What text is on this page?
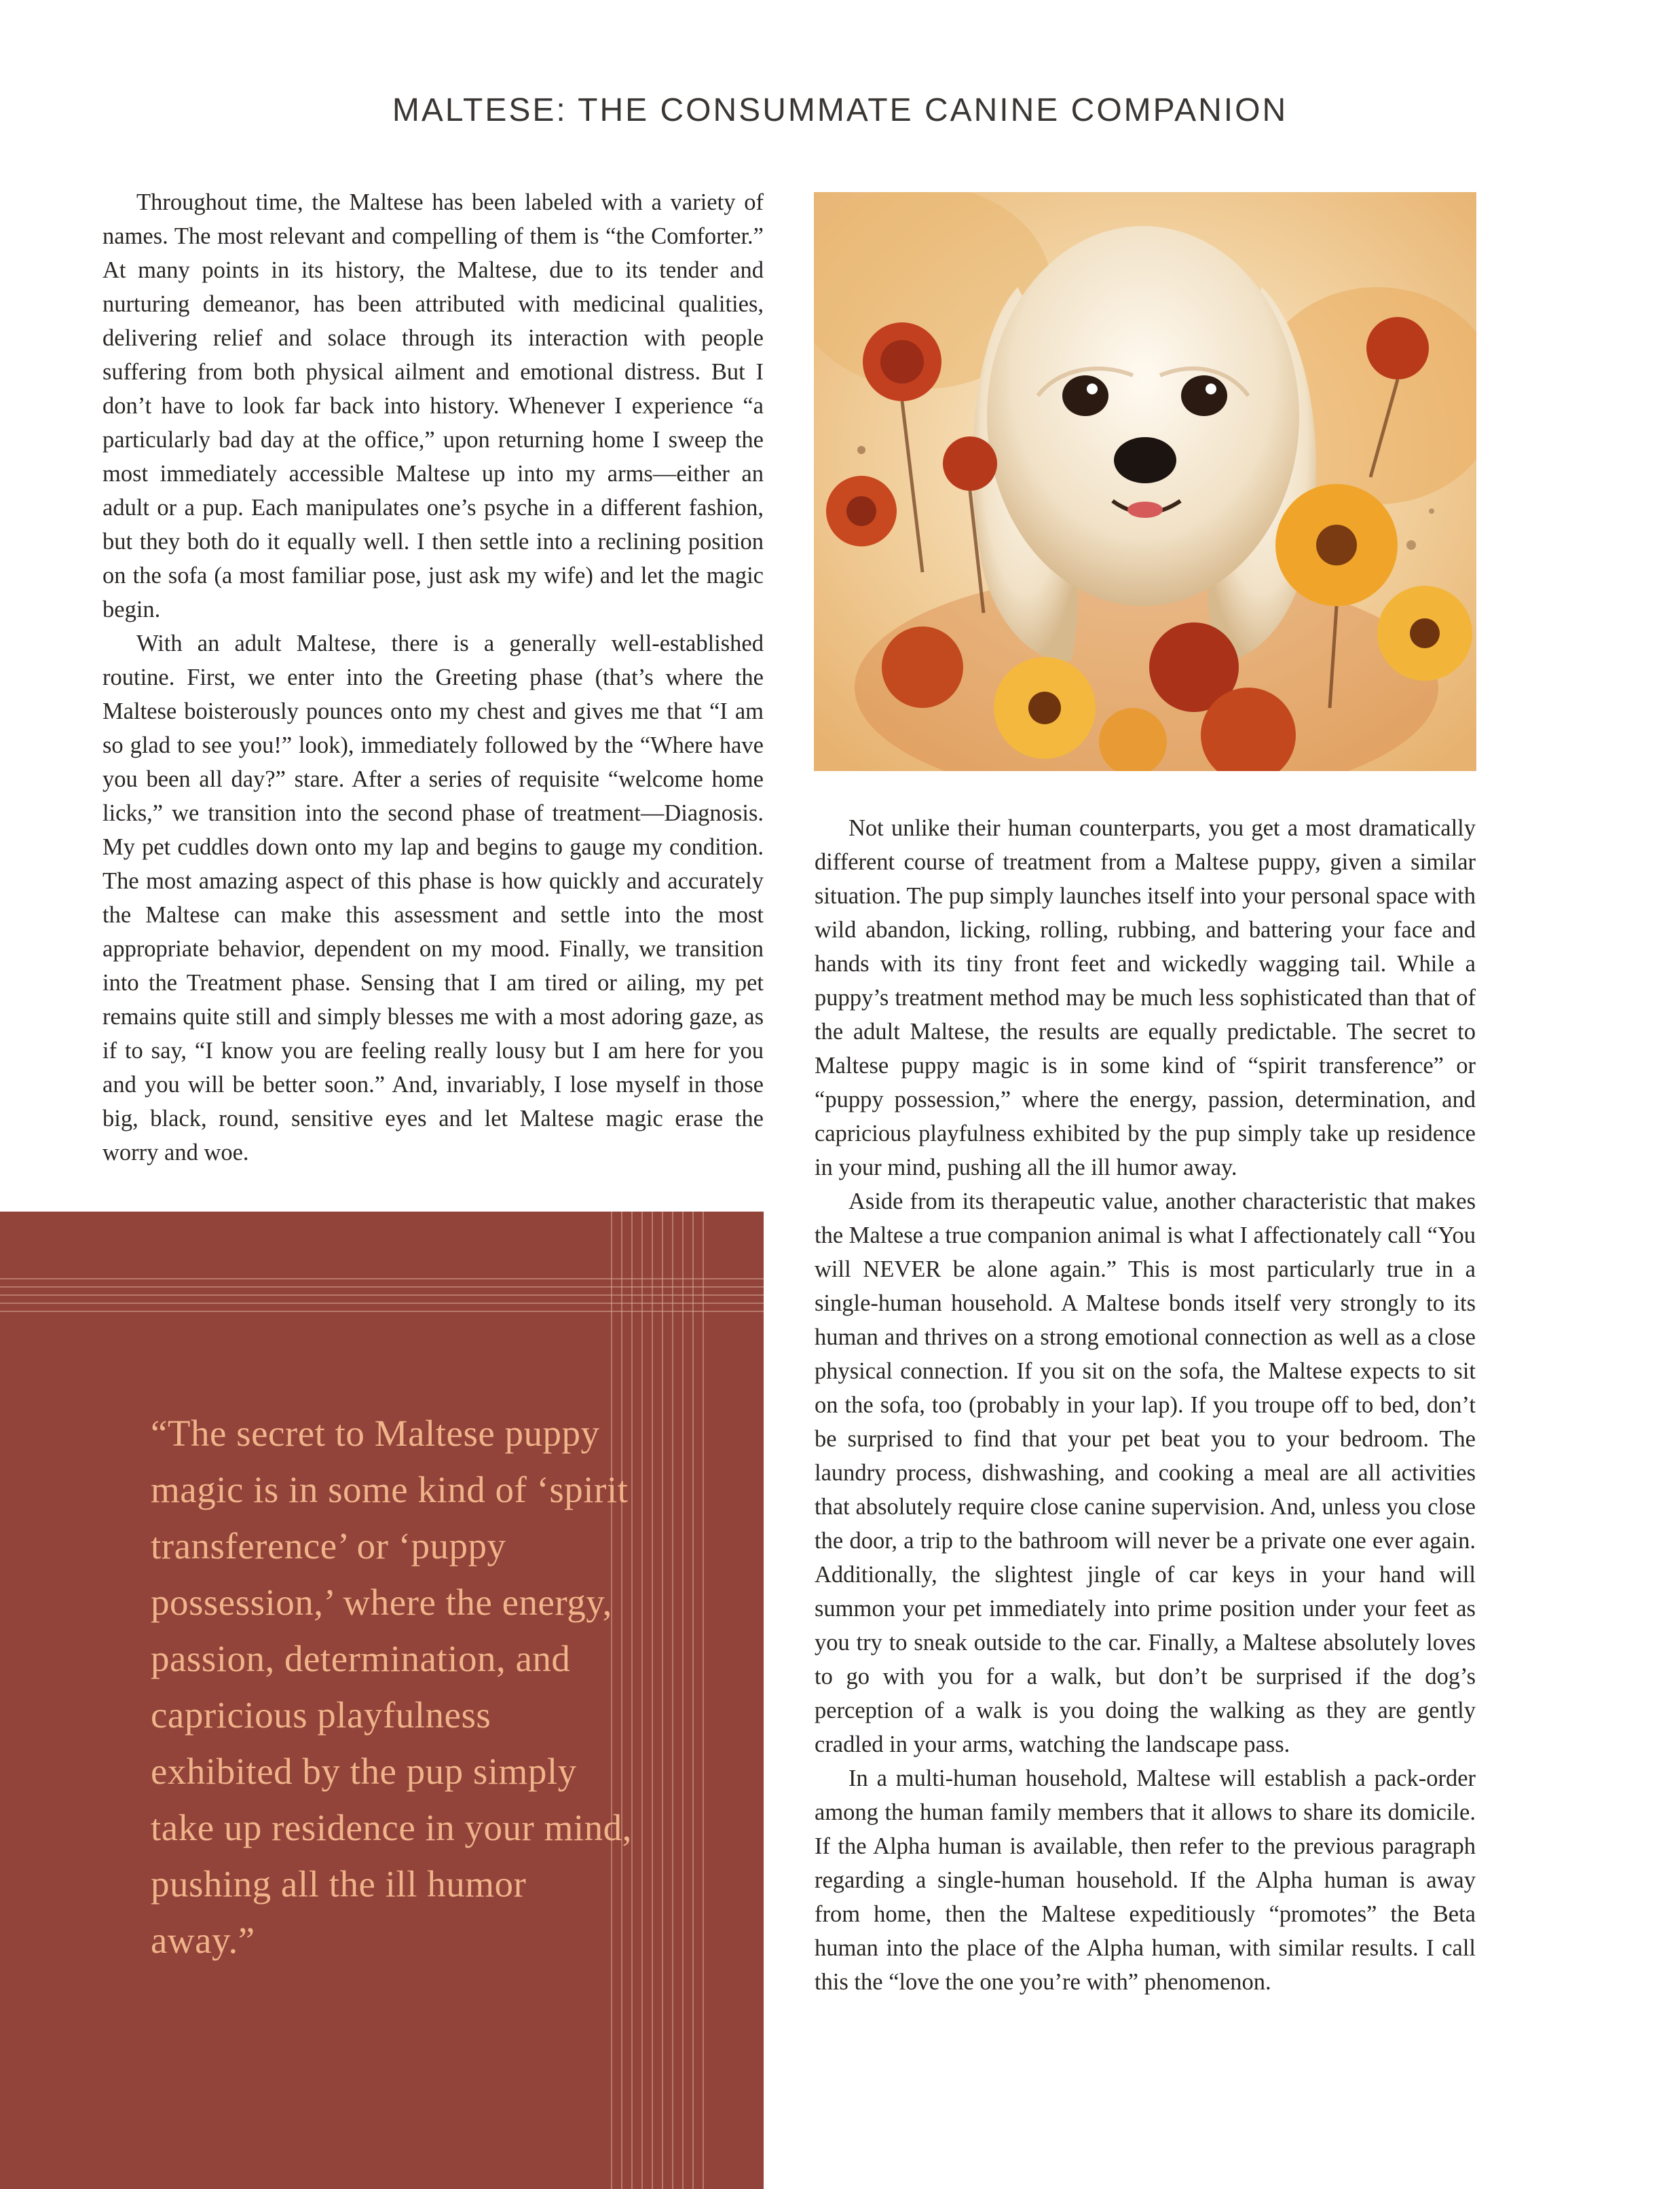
MALTESE: THE CONSUMMATE CANINE COMPANION

Throughout time, the Maltese has been labeled with a variety of names. The most relevant and compelling of them is “the Comforter.” At many points in its history, the Maltese, due to its tender and nurturing demeanor, has been attributed with medicinal qualities, delivering relief and solace through its interaction with people suffering from both physical ailment and emotional distress. But I don’t have to look far back into history. Whenever I experience “a particularly bad day at the office,” upon returning home I sweep the most immediately accessible Maltese up into my arms—either an adult or a pup. Each manipulates one’s psyche in a different fashion, but they both do it equally well. I then settle into a reclining position on the sofa (a most familiar pose, just ask my wife) and let the magic begin.

With an adult Maltese, there is a generally well-established routine. First, we enter into the Greeting phase (that’s where the Maltese boisterously pounces onto my chest and gives me that “I am so glad to see you!” look), immediately followed by the “Where have you been all day?” stare. After a series of requisite “welcome home licks,” we transition into the second phase of treatment—Diagnosis. My pet cuddles down onto my lap and begins to gauge my condition. The most amazing aspect of this phase is how quickly and accurately the Maltese can make this assessment and settle into the most appropriate behavior, dependent on my mood. Finally, we transition into the Treatment phase. Sensing that I am tired or ailing, my pet remains quite still and simply blesses me with a most adoring gaze, as if to say, “I know you are feeling really lousy but I am here for you and you will be better soon.” And, invariably, I lose myself in those big, black, round, sensitive eyes and let Maltese magic erase the worry and woe.

Not unlike their human counterparts, you get a most dramatically different course of treatment from a Maltese puppy, given a similar situation. The pup simply launches itself into your personal space with wild abandon, licking, rolling, rubbing, and battering your face and hands with its tiny front feet and wickedly wagging tail. While a puppy’s treatment method may be much less sophisticated than that of the adult Maltese, the results are equally predictable. The secret to Maltese puppy magic is in some kind of “spirit transference” or “puppy possession,” where the energy, passion, determination, and capricious playfulness exhibited by the pup simply take up residence in your mind, pushing all the ill humor away.

Aside from its therapeutic value, another characteristic that makes the Maltese a true companion animal is what I affectionately call “You will NEVER be alone again.” This is most particularly true in a single-human household. A Maltese bonds itself very strongly to its human and thrives on a strong emotional connection as well as a close physical connection. If you sit on the sofa, the Maltese expects to sit on the sofa, too (probably in your lap). If you troupe off to bed, don’t be surprised to find that your pet beat you to your bedroom. The laundry process, dishwashing, and cooking a meal are all activities that absolutely require close canine supervision. And, unless you close the door, a trip to the bathroom will never be a private one ever again. Additionally, the slightest jingle of car keys in your hand will summon your pet immediately into prime position under your feet as you try to sneak outside to the car. Finally, a Maltese absolutely loves to go with you for a walk, but don’t be surprised if the dog’s perception of a walk is you doing the walking as they are gently cradled in your arms, watching the landscape pass.

In a multi-human household, Maltese will establish a pack-order among the human family members that it allows to share its domicile. If the Alpha human is available, then refer to the previous paragraph regarding a single-human household. If the Alpha human is away from home, then the Maltese expeditiously “promotes” the Beta human into the place of the Alpha human, with similar results. I call this the “love the one you’re with” phenomenon.

“The secret to Maltese puppy magic is in some kind of ‘spirit transference’ or ‘puppy possession,’ where the energy, passion, determination, and capricious playfulness exhibited by the pup simply take up residence in your mind, pushing all the ill humor away.”
